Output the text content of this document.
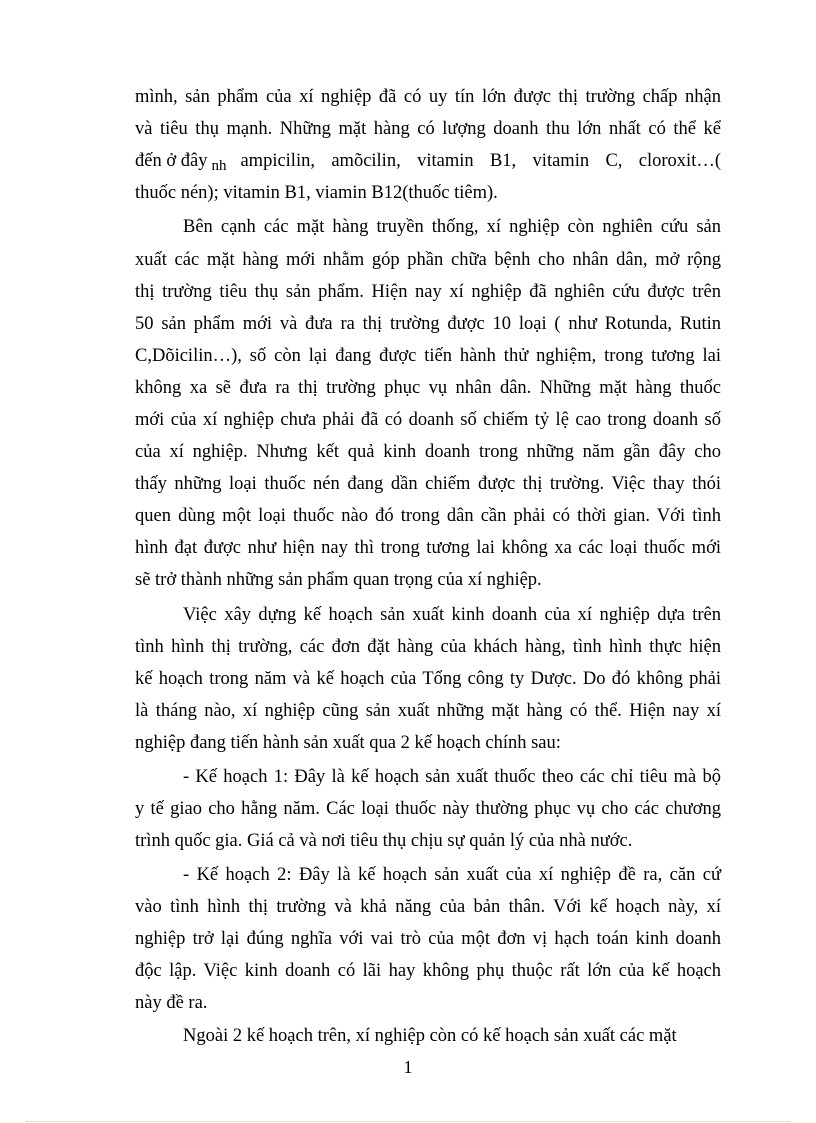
mình, sản phẩm của xí nghiệp đã có uy tín lớn được thị trường chấp nhận

và tiêu thụ mạnh. Những mặt hàng có lượng doanh thu lớn nhất có thể kể

đến ở đây nh ampicilin, amõcilin, vitamin B1, vitamin C, cloroxit…(

thuốc nén); vitamin B1, viamin B12(thuốc tiêm).

Bên cạnh các mặt hàng truyền thống, xí nghiệp còn nghiên cứu sản

xuất các mặt hàng mới nhằm góp phần chữa bệnh cho nhân dân, mở rộng

thị trường tiêu thụ sản phẩm. Hiện nay xí nghiệp đã nghiên cứu được trên

50 sản phẩm mới và đưa ra thị trường được 10 loại ( như Rotunda, Rutin

C,Dõicilin…), số còn lại đang được tiến hành thử nghiệm, trong tương lai

không xa sẽ đưa ra thị trường phục vụ nhân dân. Những mặt hàng thuốc

mới của xí nghiệp chưa phải đã có doanh số chiếm tỷ lệ cao trong doanh số

của xí nghiệp. Nhưng kết quả kinh doanh trong những năm gần đây cho

thấy những loại thuốc nén đang dần chiếm được thị trường. Việc thay thói

quen dùng một loại thuốc nào đó trong dân cần phải có thời gian. Với tình

hình đạt được như hiện nay thì trong tương lai không xa các loại thuốc mới

sẽ trở thành những sản phẩm quan trọng của xí nghiệp.

Việc xây dựng kế hoạch sản xuất kinh doanh của xí nghiệp dựa trên

tình hình thị trường, các đơn đặt hàng của khách hàng, tình hình thực hiện

kế hoạch trong năm và kế hoạch của Tổng công ty Dược. Do đó không phải

là tháng nào, xí nghiệp cũng sản xuất những mặt hàng có thể. Hiện nay xí

nghiệp đang tiến hành sản xuất qua 2 kế hoạch chính sau:

- Kế hoạch 1: Đây là kế hoạch sản xuất thuốc theo các chỉ tiêu mà bộ

y tế giao cho hằng năm. Các loại thuốc này thường phục vụ cho các chương

trình quốc gia. Giá cả và nơi tiêu thụ chịu sự quản lý của nhà nước.

- Kế hoạch 2: Đây là kế hoạch sản xuất của xí nghiệp đề ra, căn cứ

vào tình hình thị trường và khả năng của bản thân. Với kế hoạch này, xí

nghiệp trở lại đúng nghĩa với vai trò của một đơn vị hạch toán kinh doanh

độc lập. Việc kinh doanh có lãi hay không phụ thuộc rất lớn của kế hoạch

này đề ra.

Ngoài 2 kế hoạch trên, xí nghiệp còn có kế hoạch sản xuất các mặt

1
